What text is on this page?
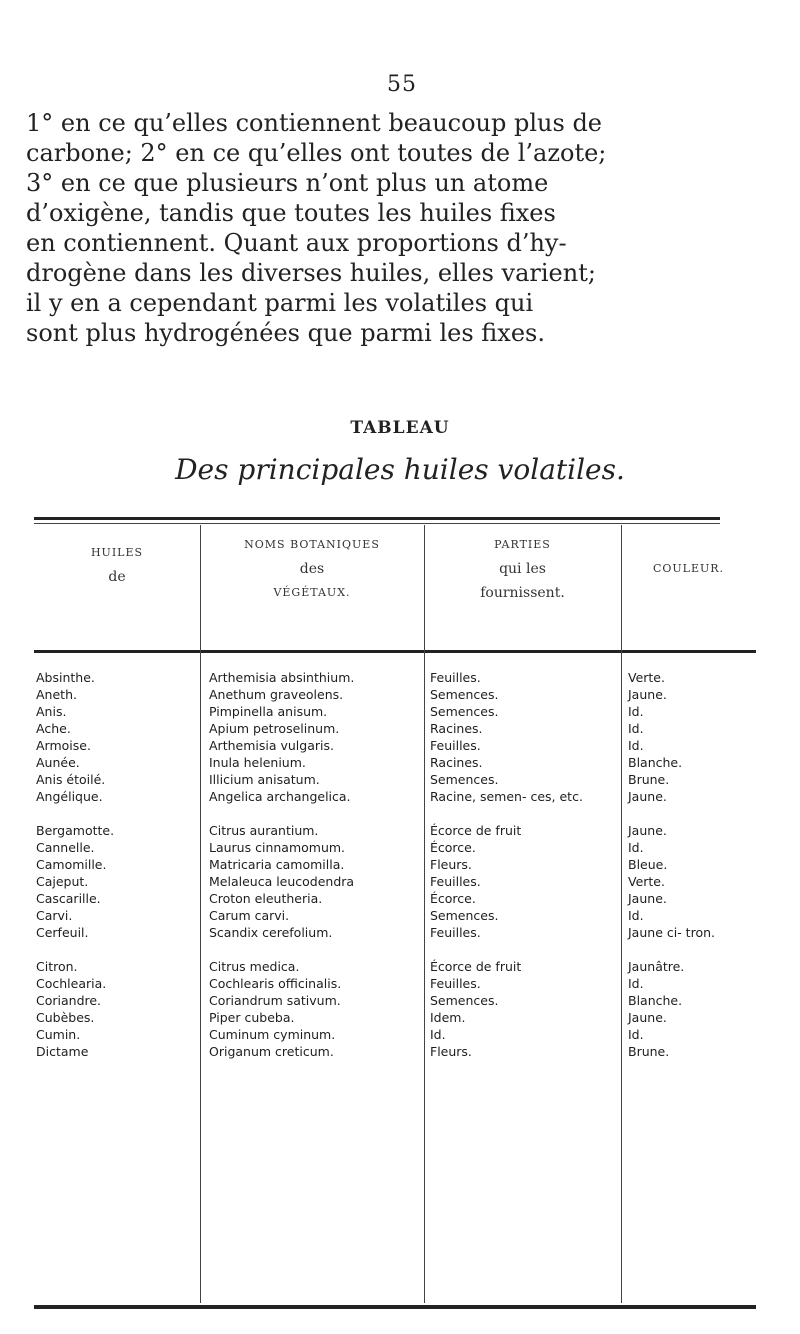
55
1° en ce qu’elles contiennent beaucoup plus de
carbone; 2° en ce qu’elles ont toutes de l’azote;
3° en ce que plusieurs n’ont plus un atome
d’oxigène, tandis que toutes les huiles fixes
en contiennent. Quant aux proportions d’hy-
drogène dans les diverses huiles, elles varient;
il y en a cependant parmi les volatiles qui
sont plus hydrogénées que parmi les fixes.
TABLEAU
Des principales huiles volatiles.
HUILES
de
NOMS BOTANIQUES
des
VÉGÉTAUX.
PARTIES
qui les
fournissent.
COULEUR.
Absinthe.	Arthemisia absinthium.	Feuilles.	Verte.
Aneth.	Anethum graveolens.	Semences.	Jaune.
Anis.	Pimpinella anisum.	Semences.	Id.
Ache.	Apium petroselinum.	Racines.	Id.
Armoise.	Arthemisia vulgaris.	Feuilles.	Id.
Aunée.	Inula helenium.	Racines.	Blanche.
Anis étoilé.	Illicium anisatum.	Semences.	Brune.
Angélique.	Angelica archangelica.	Racine, semen- ces, etc.	Jaune.
Bergamotte.	Citrus aurantium.	Écorce de fruit	Jaune.
Cannelle.	Laurus cinnamomum.	Écorce.	Id.
Camomille.	Matricaria camomilla.	Fleurs.	Bleue.
Cajeput.	Melaleuca leucodendra	Feuilles.	Verte.
Cascarille.	Croton eleutheria.	Écorce.	Jaune.
Carvi.	Carum carvi.	Semences.	Id.
Cerfeuil.	Scandix cerefolium.	Feuilles.	Jaune ci- tron.
Citron.	Citrus medica.	Écorce de fruit	Jaunâtre.
Cochlearia.	Cochlearis officinalis.	Feuilles.	Id.
Coriandre.	Coriandrum sativum.	Semences.	Blanche.
Cubèbes.	Piper cubeba.	Idem.	Jaune.
Cumin.	Cuminum cyminum.	Id.	Id.
Dictame	Origanum creticum.	Fleurs.	Brune.
